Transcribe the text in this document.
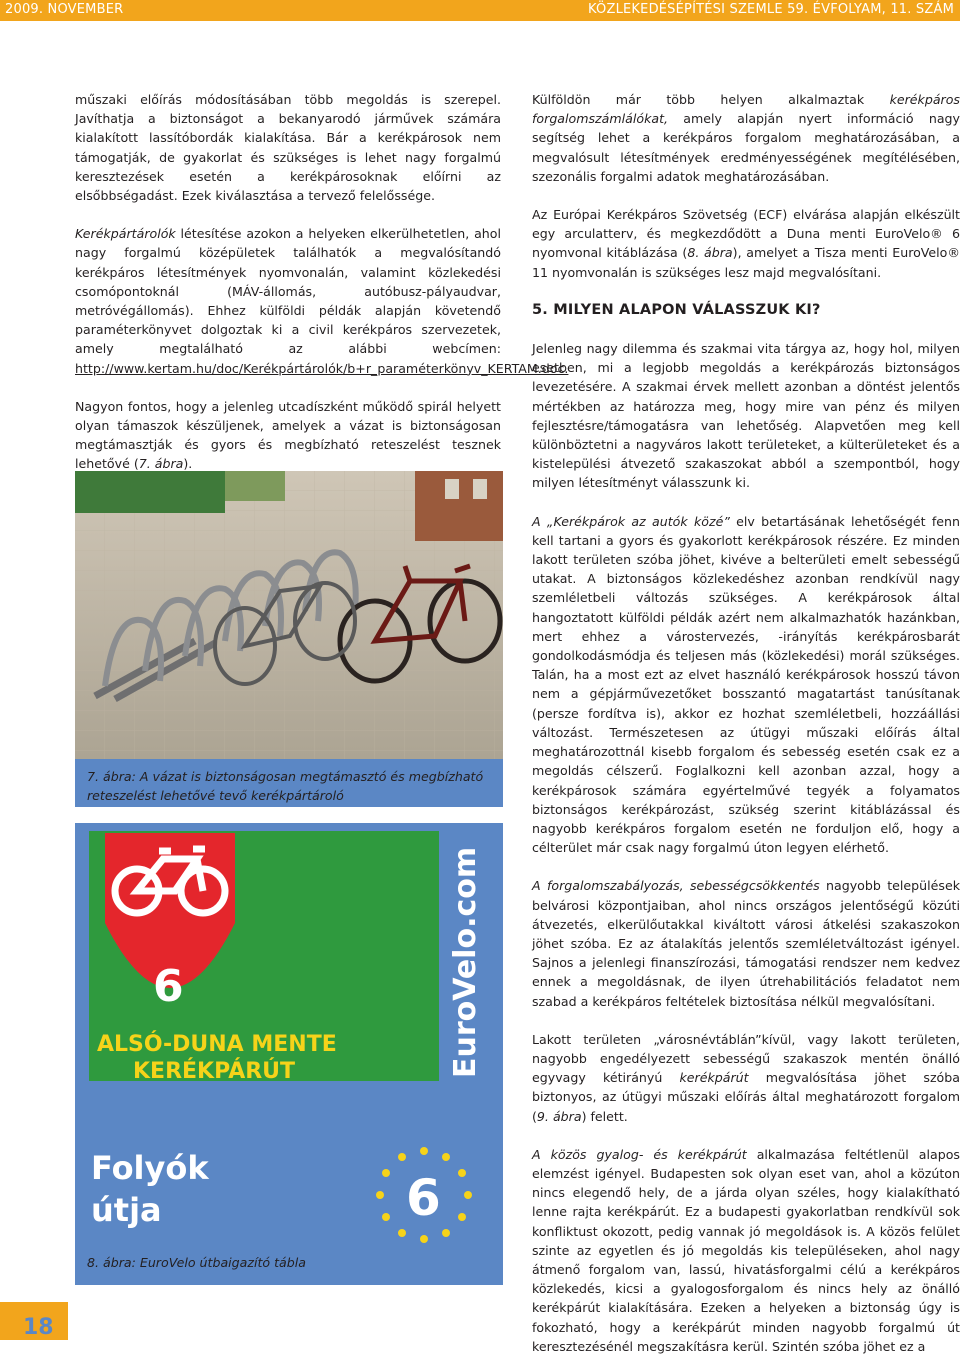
2009. NOVEMBER	KÖZLEKEDÉSÉPÍTÉSI SZEMLE 59. ÉVFOLYAM, 11. SZÁM

műszaki előírás módosításában több megoldás is szerepel. Javíthatja a biztonságot a bekanyarodó járművek számára kialakított lassítóbordák kialakítása. Bár a kerékpárosok nem támogatják, de gyakorlat és szükséges is lehet nagy forgalmú keresztezések esetén a kerékpárosoknak előírni az elsőbbségadást. Ezek kiválasztása a tervező felelőssége.

Kerékpártárolók létesítése azokon a helyeken elkerülhetetlen, ahol nagy forgalmú középületek találhatók a megvalósítandó kerékpáros létesítmények nyomvonalán, valamint közlekedési csomópontoknál (MÁV-állomás, autóbusz-pályaudvar, metróvégállomás). Ehhez külföldi példák alapján követendő paraméterkönyvet dolgoztak ki a civil kerékpáros szervezetek, amely megtalálható az alábbi webcímen: http://www.kertam.hu/doc/Kerékpártárolók/b+r_paraméterkönyv_KERTAM.doc.

Nagyon fontos, hogy a jelenleg utcadíszként működő spirál helyett olyan támaszok készüljenek, amelyek a vázat is biztonságosan megtámasztják és gyors és megbízható reteszelést tesznek lehetővé (7. ábra).

7. ábra: A vázat is biztonságosan megtámasztó és megbízható reteszelést lehetővé tevő kerékpártároló
6
ALSÓ-DUNA MENTE
KERÉKPÁRÚT
Folyók
útja
EuroVelo.com
6
8. ábra: EuroVelo útbaigazító tábla

Külföldön már több helyen alkalmaztak kerékpáros forgalomszámlálókat, amely alapján nyert információ nagy segítség lehet a kerékpáros forgalom meghatározásában, a megvalósult létesítmények eredményességének megítélésében, szezonális forgalmi adatok meghatározásában.

Az Európai Kerékpáros Szövetség (ECF) elvárása alapján elkészült egy arculatterv, és megkezdődött a Duna menti EuroVelo® 6 nyomvonal kitáblázása (8. ábra), amelyet a Tisza menti EuroVelo® 11 nyomvonalán is szükséges lesz majd megvalósítani.

5. MILYEN ALAPON VÁLASSZUK KI?

Jelenleg nagy dilemma és szakmai vita tárgya az, hogy hol, milyen esetben, mi a legjobb megoldás a kerékpározás biztonságos levezetésére. A szakmai érvek mellett azonban a döntést jelentős mértékben az határozza meg, hogy mire van pénz és milyen fejlesztésre/támogatásra van lehetőség. Alapvetően meg kell különböztetni a nagyváros lakott területeket, a külterületeket és a kistelepülési átvezető szakaszokat abból a szempontból, hogy milyen létesítményt válasszunk ki.

A „Kerékpárok az autók közé” elv betartásának lehetőségét fenn kell tartani a gyors és gyakorlott kerékpárosok részére. Ez minden lakott területen szóba jöhet, kivéve a belterületi emelt sebességű utakat. A biztonságos közlekedéshez azonban rendkívül nagy szemléletbeli változás szükséges. A kerékpárosok által hangoztatott külföldi példák azért nem alkalmazhatók hazánkban, mert ehhez a várostervezés, -irányítás kerékpárosbarát gondolkodásmódja és teljesen más (közlekedési) morál szükséges. Talán, ha a most ezt az elvet használó kerékpárosok hosszú távon nem a gépjárművezetőket bosszantó magatartást tanúsítanak (persze fordítva is), akkor ez hozhat szemléletbeli, hozzáállási változást. Természetesen az útügyi műszaki előírás által meghatározottnál kisebb forgalom és sebesség esetén csak ez a megoldás célszerű. Foglalkozni kell azonban azzal, hogy a kerékpárosok számára egyértelművé tegyék a folyamatos biztonságos kerékpározást, szükség szerint kitáblázással és nagyobb kerékpáros forgalom esetén ne forduljon elő, hogy a célterület már csak nagy forgalmú úton legyen elérhető.

A forgalomszabályozás, sebességcsökkentés nagyobb települések belvárosi központjaiban, ahol nincs országos jelentőségű közúti átvezetés, elkerülőutakkal kiváltott városi átkelési szakaszokon jöhet szóba. Ez az átalakítás jelentős szemléletváltozást igényel. Sajnos a jelenlegi finanszírozási, támogatási rendszer nem kedvez ennek a megoldásnak, de ilyen útrehabilitációs feladatot nem szabad a kerékpáros feltételek biztosítása nélkül megvalósítani.

Lakott területen „városnévtáblán”kívül, vagy lakott területen, nagyobb engedélyezett sebességű szakaszok mentén önálló egyvagy kétirányú kerékpárút megvalósítása jöhet szóba biztonyos, az útügyi műszaki előírás által meghatározott forgalom (9. ábra) felett.

A közös gyalog- és kerékpárút alkalmazása feltétlenül alapos elemzést igényel. Budapesten sok olyan eset van, ahol a közúton nincs elegendő hely, de a járda olyan széles, hogy kialakítható lenne rajta kerékpárút. Ez a budapesti gyakorlatban rendkívül sok konfliktust okozott, pedig vannak jó megoldások is. A közös felület szinte az egyetlen és jó megoldás kis településeken, ahol nagy átmenő forgalom van, lassú, hivatásforgalmi célú a kerékpáros közlekedés, kicsi a gyalogosforgalom és nincs hely az önálló kerékpárút kialakítására. Ezeken a helyeken a biztonság úgy is fokozható, hogy a kerékpárút minden nagyobb forgalmú út keresztezésénél megszakításra kerül. Szintén szóba jöhet ez a

18
